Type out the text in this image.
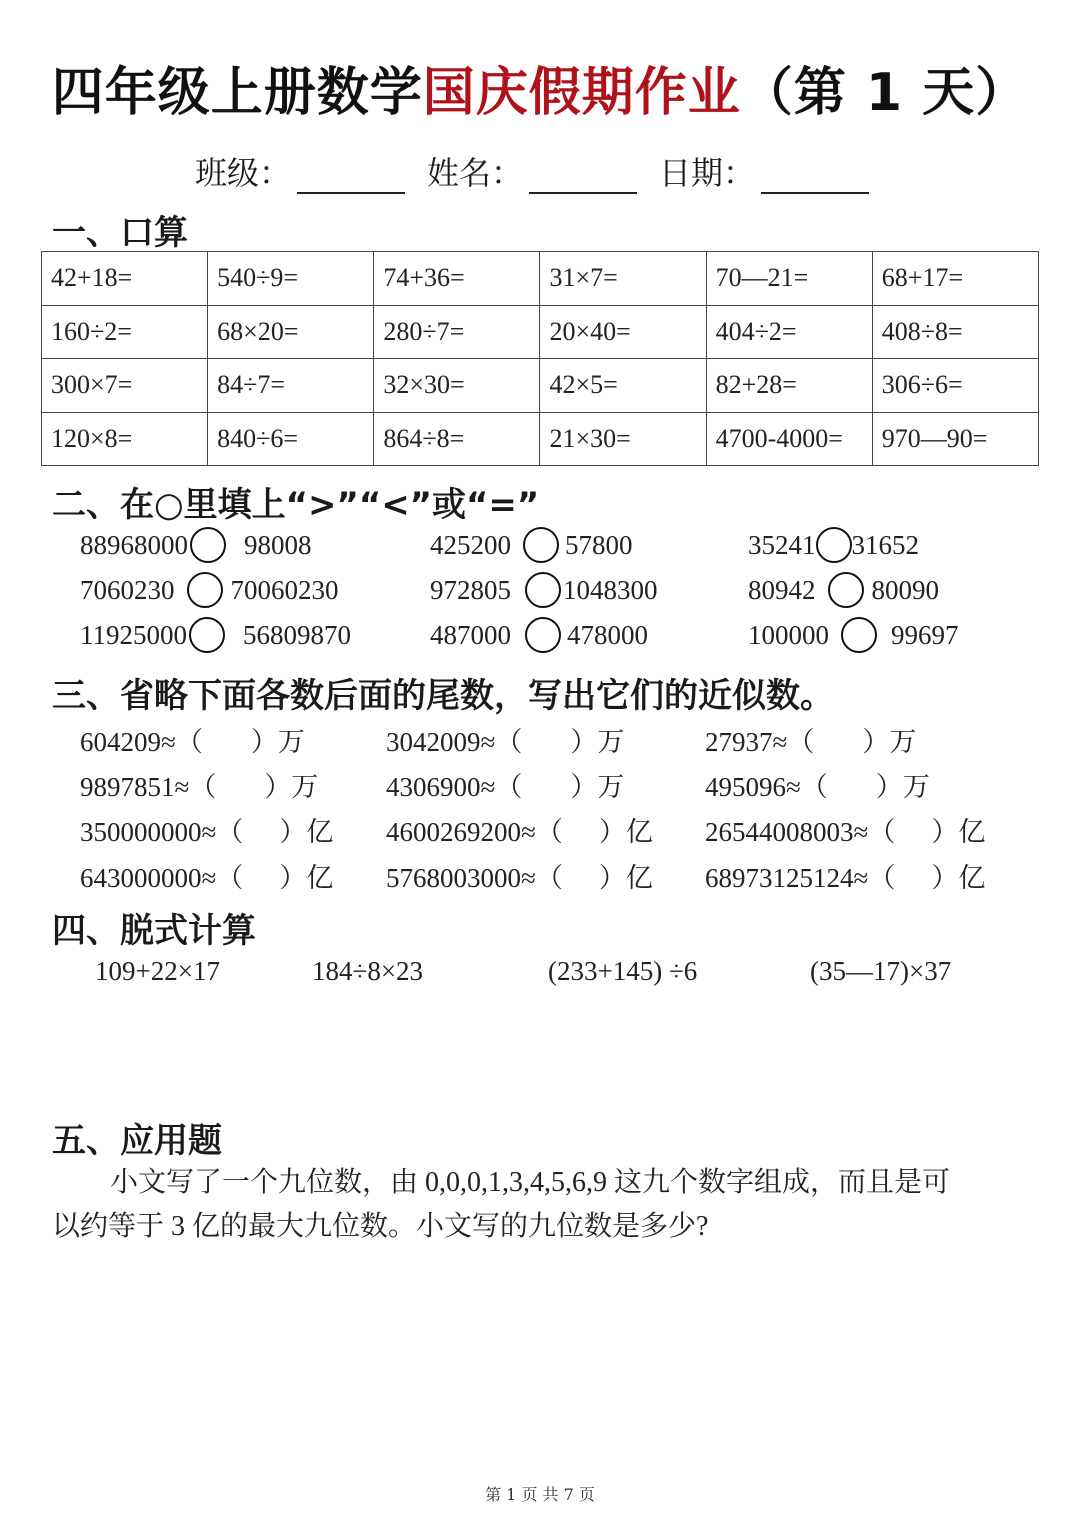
四年级上册数学国庆假期作业（第 1 天）
班级：	姓名：	日期：
一、口算
42+18=	540÷9=	74+36=	31×7=	70—21=	68+17=
160÷2=	68×20=	280÷7=	20×40=	404÷2=	408÷8=
300×7=	84÷7=	32×30=	42×5=	82+28=	306÷6=
120×8=	840÷6=	864÷8=	21×30=	4700-4000=	970—90=
二、在○里填上“>”“<”或“=”
88968000 98008	425200 57800	35241 31652
7060230 70060230	972805 1048300	80942 80090
11925000 56809870	487000 478000	100000 99697
三、省略下面各数后面的尾数，写出它们的近似数。
604209≈（ ）万	3042009≈（ ）万	27937≈（ ）万
9897851≈（ ）万	4306900≈（ ）万	495096≈（ ）万
350000000≈（ ）亿 4600269200≈（ ）亿 26544008003≈（ ）亿
643000000≈（ ）亿 5768003000≈（ ）亿 68973125124≈（ ）亿
四、脱式计算
109+22×17	184÷8×23	(233+145) ÷6	(35—17)×37
五、应用题
小文写了一个九位数，由 0,0,0,1,3,4,5,6,9 这九个数字组成，而且是可
以约等于 3 亿的最大九位数。小文写的九位数是多少?
第 1 页 共 7 页
